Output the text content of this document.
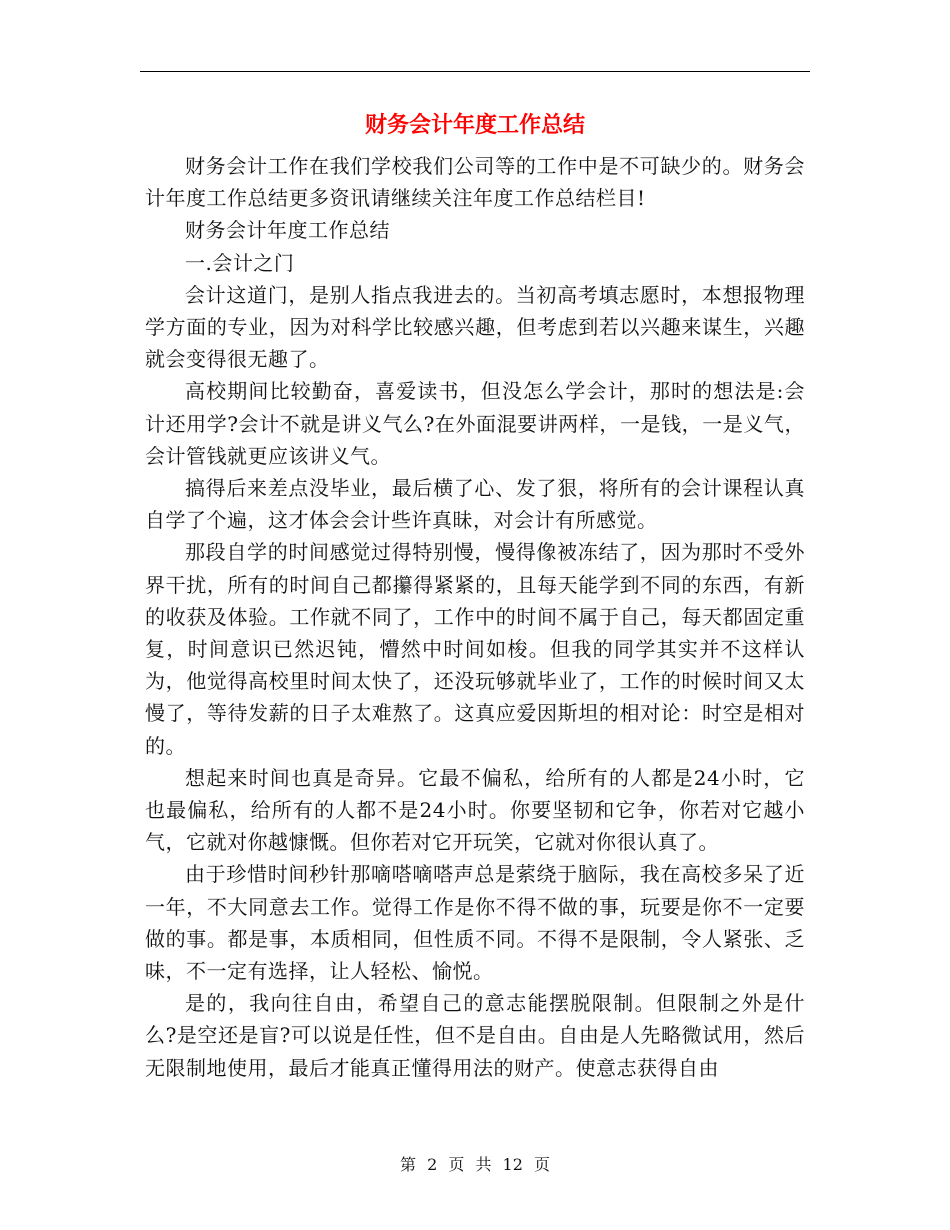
财务会计年度工作总结

财务会计工作在我们学校我们公司等的工作中是不可缺少的。财务会计年度工作总结更多资讯请继续关注年度工作总结栏目!

财务会计年度工作总结

一.会计之门

会计这道门，是别人指点我进去的。当初高考填志愿时，本想报物理学方面的专业，因为对科学比较感兴趣，但考虑到若以兴趣来谋生，兴趣就会变得很无趣了。

高校期间比较勤奋，喜爱读书，但没怎么学会计，那时的想法是:会计还用学?会计不就是讲义气么?在外面混要讲两样，一是钱，一是义气，会计管钱就更应该讲义气。

搞得后来差点没毕业，最后横了心、发了狠，将所有的会计课程认真自学了个遍，这才体会会计些许真昧，对会计有所感觉。

那段自学的时间感觉过得特别慢，慢得像被冻结了，因为那时不受外界干扰，所有的时间自己都攥得紧紧的，且每天能学到不同的东西，有新的收获及体验。工作就不同了，工作中的时间不属于自己，每天都固定重复，时间意识已然迟钝，懵然中时间如梭。但我的同学其实并不这样认为，他觉得高校里时间太快了，还没玩够就毕业了，工作的时候时间又太慢了，等待发薪的日子太难熬了。这真应爱因斯坦的相对论：时空是相对的。

想起来时间也真是奇异。它最不偏私，给所有的人都是24小时，它也最偏私，给所有的人都不是24小时。你要坚韧和它争，你若对它越小气，它就对你越慷慨。但你若对它开玩笑，它就对你很认真了。

由于珍惜时间秒针那嘀嗒嘀嗒声总是萦绕于脑际，我在高校多呆了近一年，不大同意去工作。觉得工作是你不得不做的事，玩要是你不一定要做的事。都是事，本质相同，但性质不同。不得不是限制，令人紧张、乏味，不一定有选择，让人轻松、愉悦。

是的，我向往自由，希望自己的意志能摆脱限制。但限制之外是什么?是空还是盲?可以说是任性，但不是自由。自由是人先略微试用，然后无限制地使用，最后才能真正懂得用法的财产。使意志获得自由

第 2 页 共 12 页
